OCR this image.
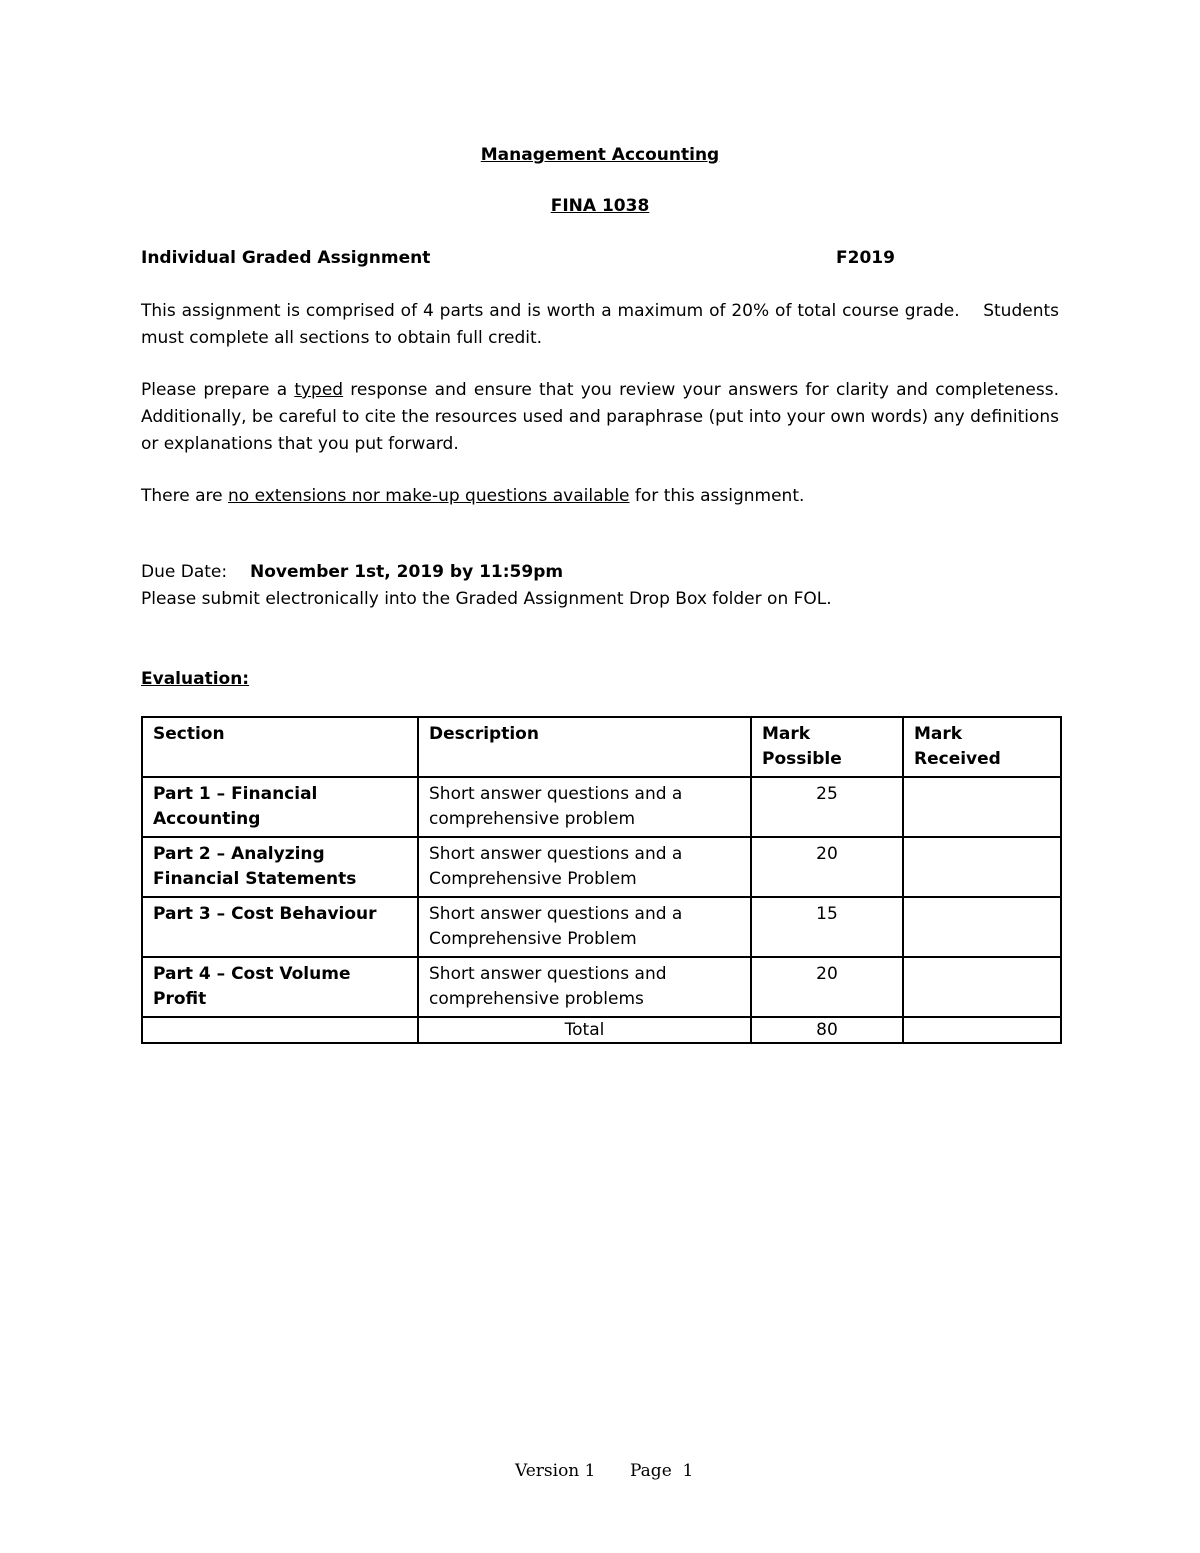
Management Accounting
FINA 1038
Individual Graded Assignment	F2019
This assignment is comprised of 4 parts and is worth a maximum of 20% of total course grade.    Students must complete all sections to obtain full credit.
Please prepare a typed response and ensure that you review your answers for clarity and completeness. Additionally, be careful to cite the resources used and paraphrase (put into your own words) any definitions or explanations that you put forward.
There are no extensions nor make-up questions available for this assignment.
Due Date: November 1st, 2019 by 11:59pm
Please submit electronically into the Graded Assignment Drop Box folder on FOL.
Evaluation:
Section	Description	Mark Possible	Mark Received
Part 1 – Financial Accounting	Short answer questions and a comprehensive problem	25	
Part 2 – Analyzing Financial Statements	Short answer questions and a Comprehensive Problem	20	
Part 3 – Cost Behaviour	Short answer questions and a Comprehensive Problem	15	
Part 4 – Cost Volume Profit	Short answer questions and comprehensive problems	20	
	Total	80	
Version 1 Page  1
